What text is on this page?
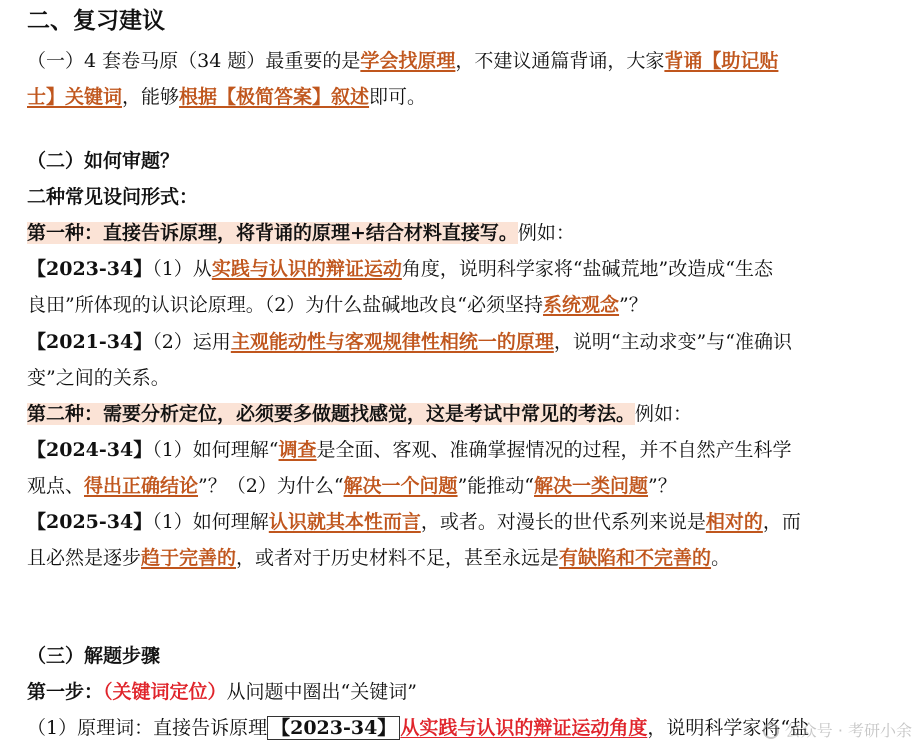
二、复习建议
（一）4 套卷马原（34 题）最重要的是学会找原理，不建议通篇背诵，大家背诵【助记贴
士】关键词，能够根据【极简答案】叙述即可。
（二）如何审题？
二种常见设问形式：
第一种：直接告诉原理，将背诵的原理+结合材料直接写。例如：
【2023-34】（1）从实践与认识的辩证运动角度，说明科学家将“盐碱荒地”改造成“生态
良田”所体现的认识论原理。（2）为什么盐碱地改良“必须坚持系统观念”？
【2021-34】（2）运用主观能动性与客观规律性相统一的原理，说明“主动求变”与“准确识
变”之间的关系。
第二种：需要分析定位，必须要多做题找感觉，这是考试中常见的考法。例如：
【2024-34】（1）如何理解“调查是全面、客观、准确掌握情况的过程，并不自然产生科学
观点、得出正确结论”？（2）为什么“解决一个问题”能推动“解决一类问题”？
【2025-34】（1）如何理解认识就其本性而言，或者。对漫长的世代系列来说是相对的，而
且必然是逐步趋于完善的，或者对于历史材料不足，甚至永远是有缺陷和不完善的。
（三）解题步骤
第一步：（关键词定位）从问题中圈出“关键词”
（1）原理词：直接告诉原理 【2023-34】 从实践与认识的辩证运动角度，说明科学家将“盐
公众号 · 考研小余
